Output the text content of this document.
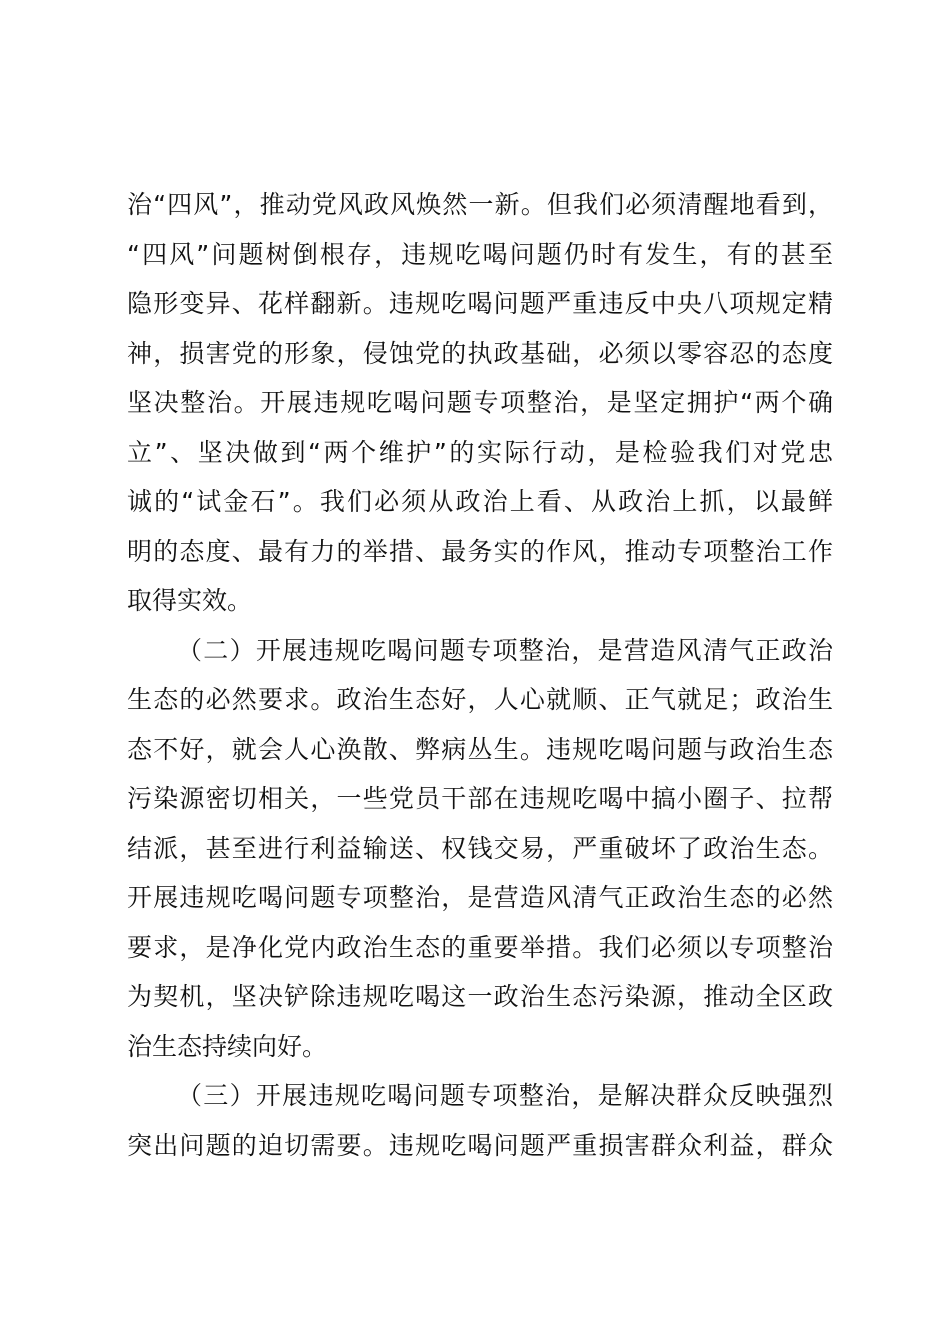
治“四风”，推动党风政风焕然一新。但我们必须清醒地看到，
“四风”问题树倒根存，违规吃喝问题仍时有发生，有的甚至
隐形变异、花样翻新。违规吃喝问题严重违反中央八项规定精
神，损害党的形象，侵蚀党的执政基础，必须以零容忍的态度
坚决整治。开展违规吃喝问题专项整治，是坚定拥护“两个确
立”、坚决做到“两个维护”的实际行动，是检验我们对党忠
诚的“试金石”。我们必须从政治上看、从政治上抓，以最鲜
明的态度、最有力的举措、最务实的作风，推动专项整治工作
取得实效。
（二）开展违规吃喝问题专项整治，是营造风清气正政治
生态的必然要求。政治生态好，人心就顺、正气就足；政治生
态不好，就会人心涣散、弊病丛生。违规吃喝问题与政治生态
污染源密切相关，一些党员干部在违规吃喝中搞小圈子、拉帮
结派，甚至进行利益输送、权钱交易，严重破坏了政治生态。
开展违规吃喝问题专项整治，是营造风清气正政治生态的必然
要求，是净化党内政治生态的重要举措。我们必须以专项整治
为契机，坚决铲除违规吃喝这一政治生态污染源，推动全区政
治生态持续向好。
（三）开展违规吃喝问题专项整治，是解决群众反映强烈
突出问题的迫切需要。违规吃喝问题严重损害群众利益，群众
